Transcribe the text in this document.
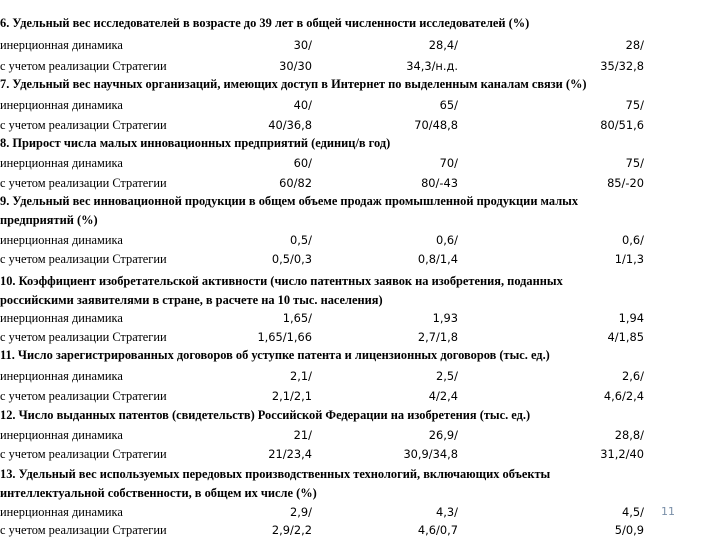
6. Удельный вес исследователей в возрасте до 39 лет в общей численности исследователей (%)
инерционная динамика	30/	28,4/	28/
с учетом реализации Стратегии	30/30	34,3/н.д.	35/32,8
7. Удельный вес научных организаций, имеющих доступ в Интернет по выделенным каналам связи (%)
инерционная динамика	40/	65/	75/
с учетом реализации Стратегии	40/36,8	70/48,8	80/51,6
8. Прирост числа малых инновационных предприятий (единиц/в год)
инерционная динамика	60/	70/	75/
с учетом реализации Стратегии	60/82	80/-43	85/-20
9. Удельный вес инновационной продукции в общем объеме продаж промышленной продукции малых
предприятий (%)
инерционная динамика	0,5/	0,6/	0,6/
с учетом реализации Стратегии	0,5/0,3	0,8/1,4	1/1,3
10. Коэффициент изобретательской активности (число патентных заявок на изобретения, поданных
российскими заявителями в стране, в расчете на 10 тыс. населения)
инерционная динамика	1,65/	1,93	1,94
с учетом реализации Стратегии	1,65/1,66	2,7/1,8	4/1,85
11. Число зарегистрированных договоров об уступке патента и лицензионных договоров (тыс. ед.)
инерционная динамика	2,1/	2,5/	2,6/
с учетом реализации Стратегии	2,1/2,1	4/2,4	4,6/2,4
12. Число выданных патентов (свидетельств) Российской Федерации на изобретения (тыс. ед.)
инерционная динамика	21/	26,9/	28,8/
с учетом реализации Стратегии	21/23,4	30,9/34,8	31,2/40
13. Удельный вес используемых передовых производственных технологий, включающих объекты
интеллектуальной собственности, в общем их числе (%)
инерционная динамика	2,9/	4,3/	4,5/
с учетом реализации Стратегии	2,9/2,2	4,6/0,7	5/0,9
11
